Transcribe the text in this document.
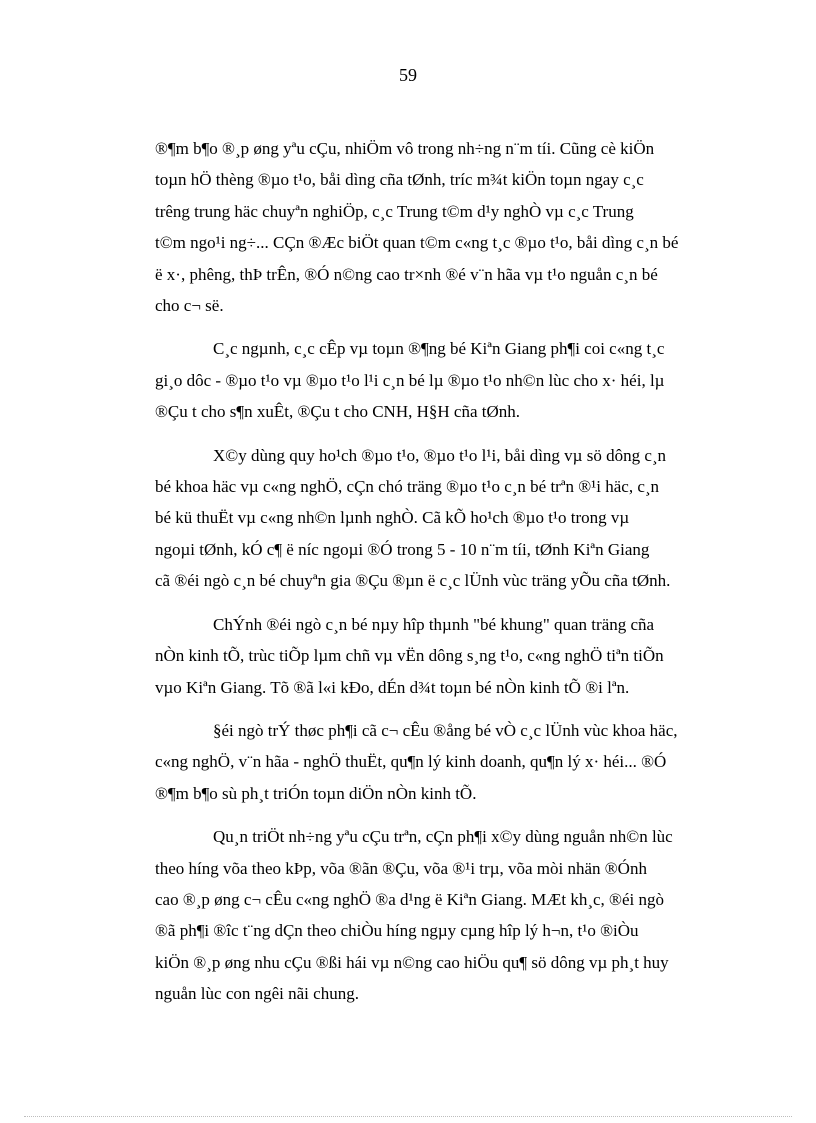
59

®¶m b¶o ®¸p øng yªu cÇu, nhiÖm vô trong nh÷ng n¨m tíi. Cũng cè kiÖn
toµn hÖ thèng ®µo t¹o, båi dìng cña tØnh, tríc m¾t kiÖn toµn ngay c¸c
trêng trung häc chuyªn nghiÖp, c¸c Trung t©m d¹y nghÒ vµ c¸c Trung
t©m ngo¹i ng÷... CÇn ®Æc biÖt quan t©m c«ng t¸c ®µo t¹o, båi dìng c¸n bé
ë x·, phêng, thÞ trÊn, ®Ó n©ng cao tr×nh ®é v¨n hãa vµ t¹o nguån c¸n bé
cho c¬ së.

C¸c ngµnh, c¸c cÊp vµ toµn ®¶ng bé Kiªn Giang ph¶i coi c«ng t¸c
gi¸o dôc - ®µo t¹o vµ ®µo t¹o l¹i c¸n bé lµ ®µo t¹o nh©n lùc cho x· héi, lµ
®Çu t cho s¶n xuÊt, ®Çu t cho CNH, H§H cña tØnh.

X©y dùng quy ho¹ch ®µo t¹o, ®µo t¹o l¹i, båi dìng vµ sö dông c¸n
bé khoa häc vµ c«ng nghÖ, cÇn chó träng ®µo t¹o c¸n bé trªn ®¹i häc, c¸n
bé kü thuËt vµ c«ng nh©n lµnh nghÒ. Cã kÕ ho¹ch ®µo t¹o trong vµ
ngoµi tØnh, kÓ c¶ ë níc ngoµi ®Ó trong 5 - 10 n¨m tíi, tØnh Kiªn Giang
cã ®éi ngò c¸n bé chuyªn gia ®Çu ®µn ë c¸c lÜnh vùc träng yÕu cña tØnh.

ChÝnh ®éi ngò c¸n bé nµy hîp thµnh "bé khung" quan träng cña
nÒn kinh tÕ, trùc tiÕp lµm chñ vµ vËn dông s¸ng t¹o, c«ng nghÖ tiªn tiÕn
vµo Kiªn Giang. Tõ ®ã l«i kÐo, dÉn d¾t toµn bé nÒn kinh tÕ ®i lªn.

§éi ngò trÝ thøc ph¶i cã c¬ cÊu ®ång bé vÒ c¸c lÜnh vùc khoa häc,
c«ng nghÖ, v¨n hãa - nghÖ thuËt, qu¶n lý kinh doanh, qu¶n lý x· héi... ®Ó
®¶m b¶o sù ph¸t triÓn toµn diÖn nÒn kinh tÕ.

Qu¸n triÖt nh÷ng yªu cÇu trªn, cÇn ph¶i x©y dùng nguån nh©n lùc
theo híng võa theo kÞp, võa ®ãn ®Çu, võa ®¹i trµ, võa mòi nhän ®Ónh
cao ®¸p øng c¬ cÊu c«ng nghÖ ®a d¹ng ë Kiªn Giang. MÆt kh¸c, ®éi ngò
®ã ph¶i ®îc t¨ng dÇn theo chiÒu híng ngµy cµng hîp lý h¬n, t¹o ®iÒu
kiÖn ®¸p øng nhu cÇu ®ßi hái vµ n©ng cao hiÖu qu¶ sö dông vµ ph¸t huy
nguån lùc con ngêi nãi chung.
